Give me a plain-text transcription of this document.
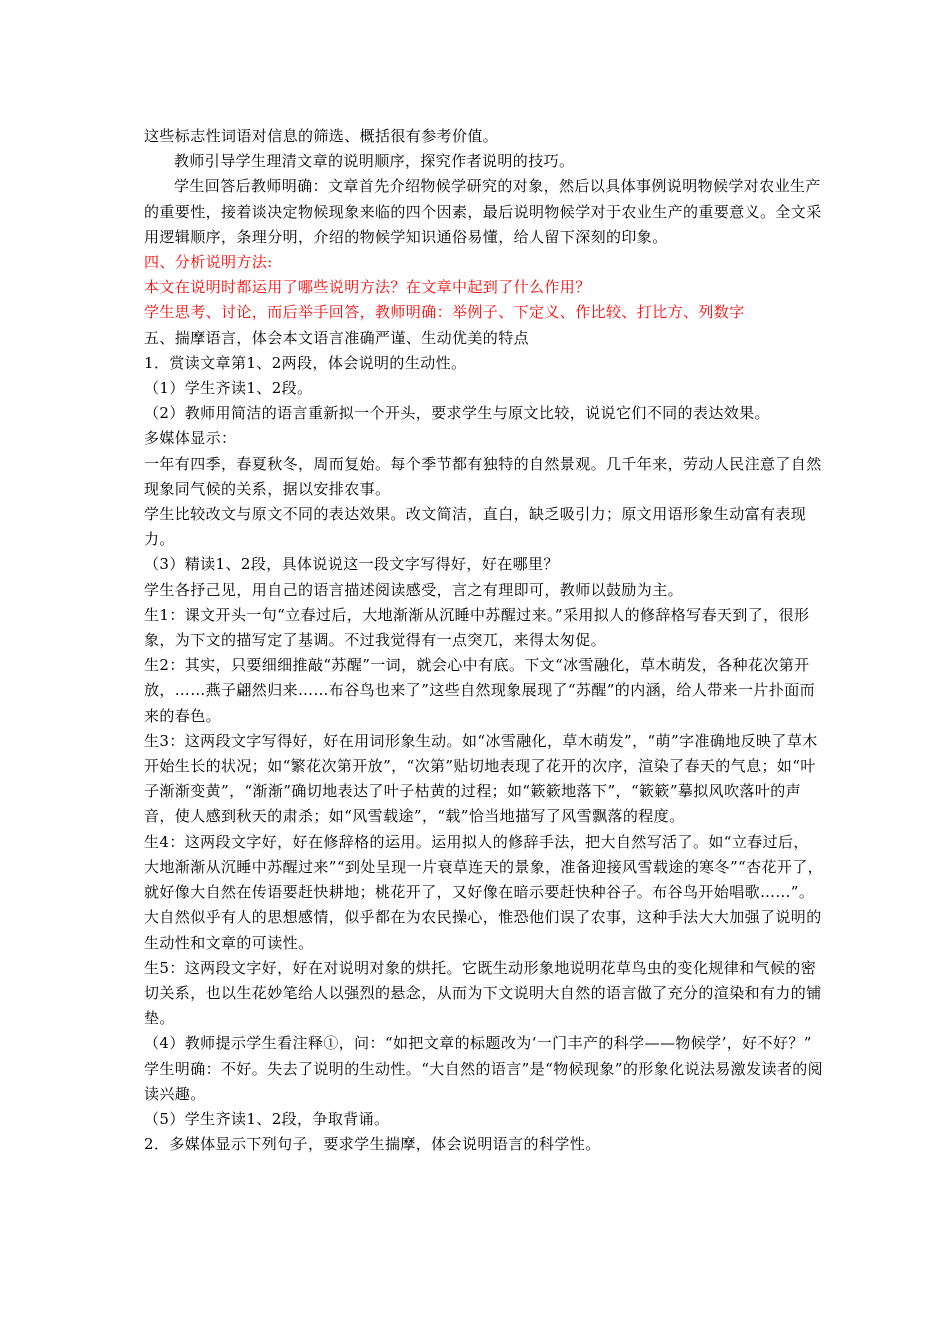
这些标志性词语对信息的筛选、概括很有参考价值。

教师引导学生理清文章的说明顺序，探究作者说明的技巧。

学生回答后教师明确：文章首先介绍物候学研究的对象，然后以具体事例说明物候学对农业生产的重要性，接着谈决定物候现象来临的四个因素，最后说明物候学对于农业生产的重要意义。全文采用逻辑顺序，条理分明，介绍的物候学知识通俗易懂，给人留下深刻的印象。

四、分析说明方法:

本文在说明时都运用了哪些说明方法？在文章中起到了什么作用？

学生思考、讨论，而后举手回答，教师明确：举例子、下定义、作比较、打比方、列数字

五、揣摩语言，体会本文语言准确严谨、生动优美的特点

1．赏读文章第1、2两段，体会说明的生动性。

（1）学生齐读1、2段。

（2）教师用简洁的语言重新拟一个开头，要求学生与原文比较，说说它们不同的表达效果。

多媒体显示：

一年有四季，春夏秋冬，周而复始。每个季节都有独特的自然景观。几千年来，劳动人民注意了自然现象同气候的关系，据以安排农事。

学生比较改文与原文不同的表达效果。改文简洁，直白，缺乏吸引力；原文用语形象生动富有表现力。

（3）精读1、2段，具体说说这一段文字写得好，好在哪里？

学生各抒己见，用自己的语言描述阅读感受，言之有理即可，教师以鼓励为主。

生1：课文开头一句“立春过后，大地渐渐从沉睡中苏醒过来。”采用拟人的修辞格写春天到了，很形象，为下文的描写定了基调。不过我觉得有一点突兀，来得太匆促。

生2：其实，只要细细推敲“苏醒”一词，就会心中有底。下文“冰雪融化，草木萌发，各种花次第开放，……燕子翩然归来……布谷鸟也来了”这些自然现象展现了“苏醒”的内涵，给人带来一片扑面而来的春色。

生3：这两段文字写得好，好在用词形象生动。如“冰雪融化，草木萌发”，“萌”字准确地反映了草木开始生长的状况；如“繁花次第开放”，“次第”贴切地表现了花开的次序，渲染了春天的气息；如“叶子渐渐变黄”，“渐渐”确切地表达了叶子枯黄的过程；如“簌簌地落下”，“簌簌”摹拟风吹落叶的声音，使人感到秋天的肃杀；如“风雪载途”，“载”恰当地描写了风雪飘落的程度。

生4：这两段文字好，好在修辞格的运用。运用拟人的修辞手法，把大自然写活了。如“立春过后，大地渐渐从沉睡中苏醒过来”“到处呈现一片衰草连天的景象，准备迎接风雪载途的寒冬”“杏花开了，就好像大自然在传语要赶快耕地；桃花开了，又好像在暗示要赶快种谷子。布谷鸟开始唱歌……”。大自然似乎有人的思想感情，似乎都在为农民操心，惟恐他们误了农事，这种手法大大加强了说明的生动性和文章的可读性。

生5：这两段文字好，好在对说明对象的烘托。它既生动形象地说明花草鸟虫的变化规律和气候的密切关系，也以生花妙笔给人以强烈的悬念，从而为下文说明大自然的语言做了充分的渲染和有力的铺垫。

（4）教师提示学生看注释①，问：“如把文章的标题改为‘一门丰产的科学——物候学’，好不好？”

学生明确：不好。失去了说明的生动性。“大自然的语言”是“物候现象”的形象化说法易激发读者的阅读兴趣。

（5）学生齐读1、2段，争取背诵。

2．多媒体显示下列句子，要求学生揣摩，体会说明语言的科学性。
